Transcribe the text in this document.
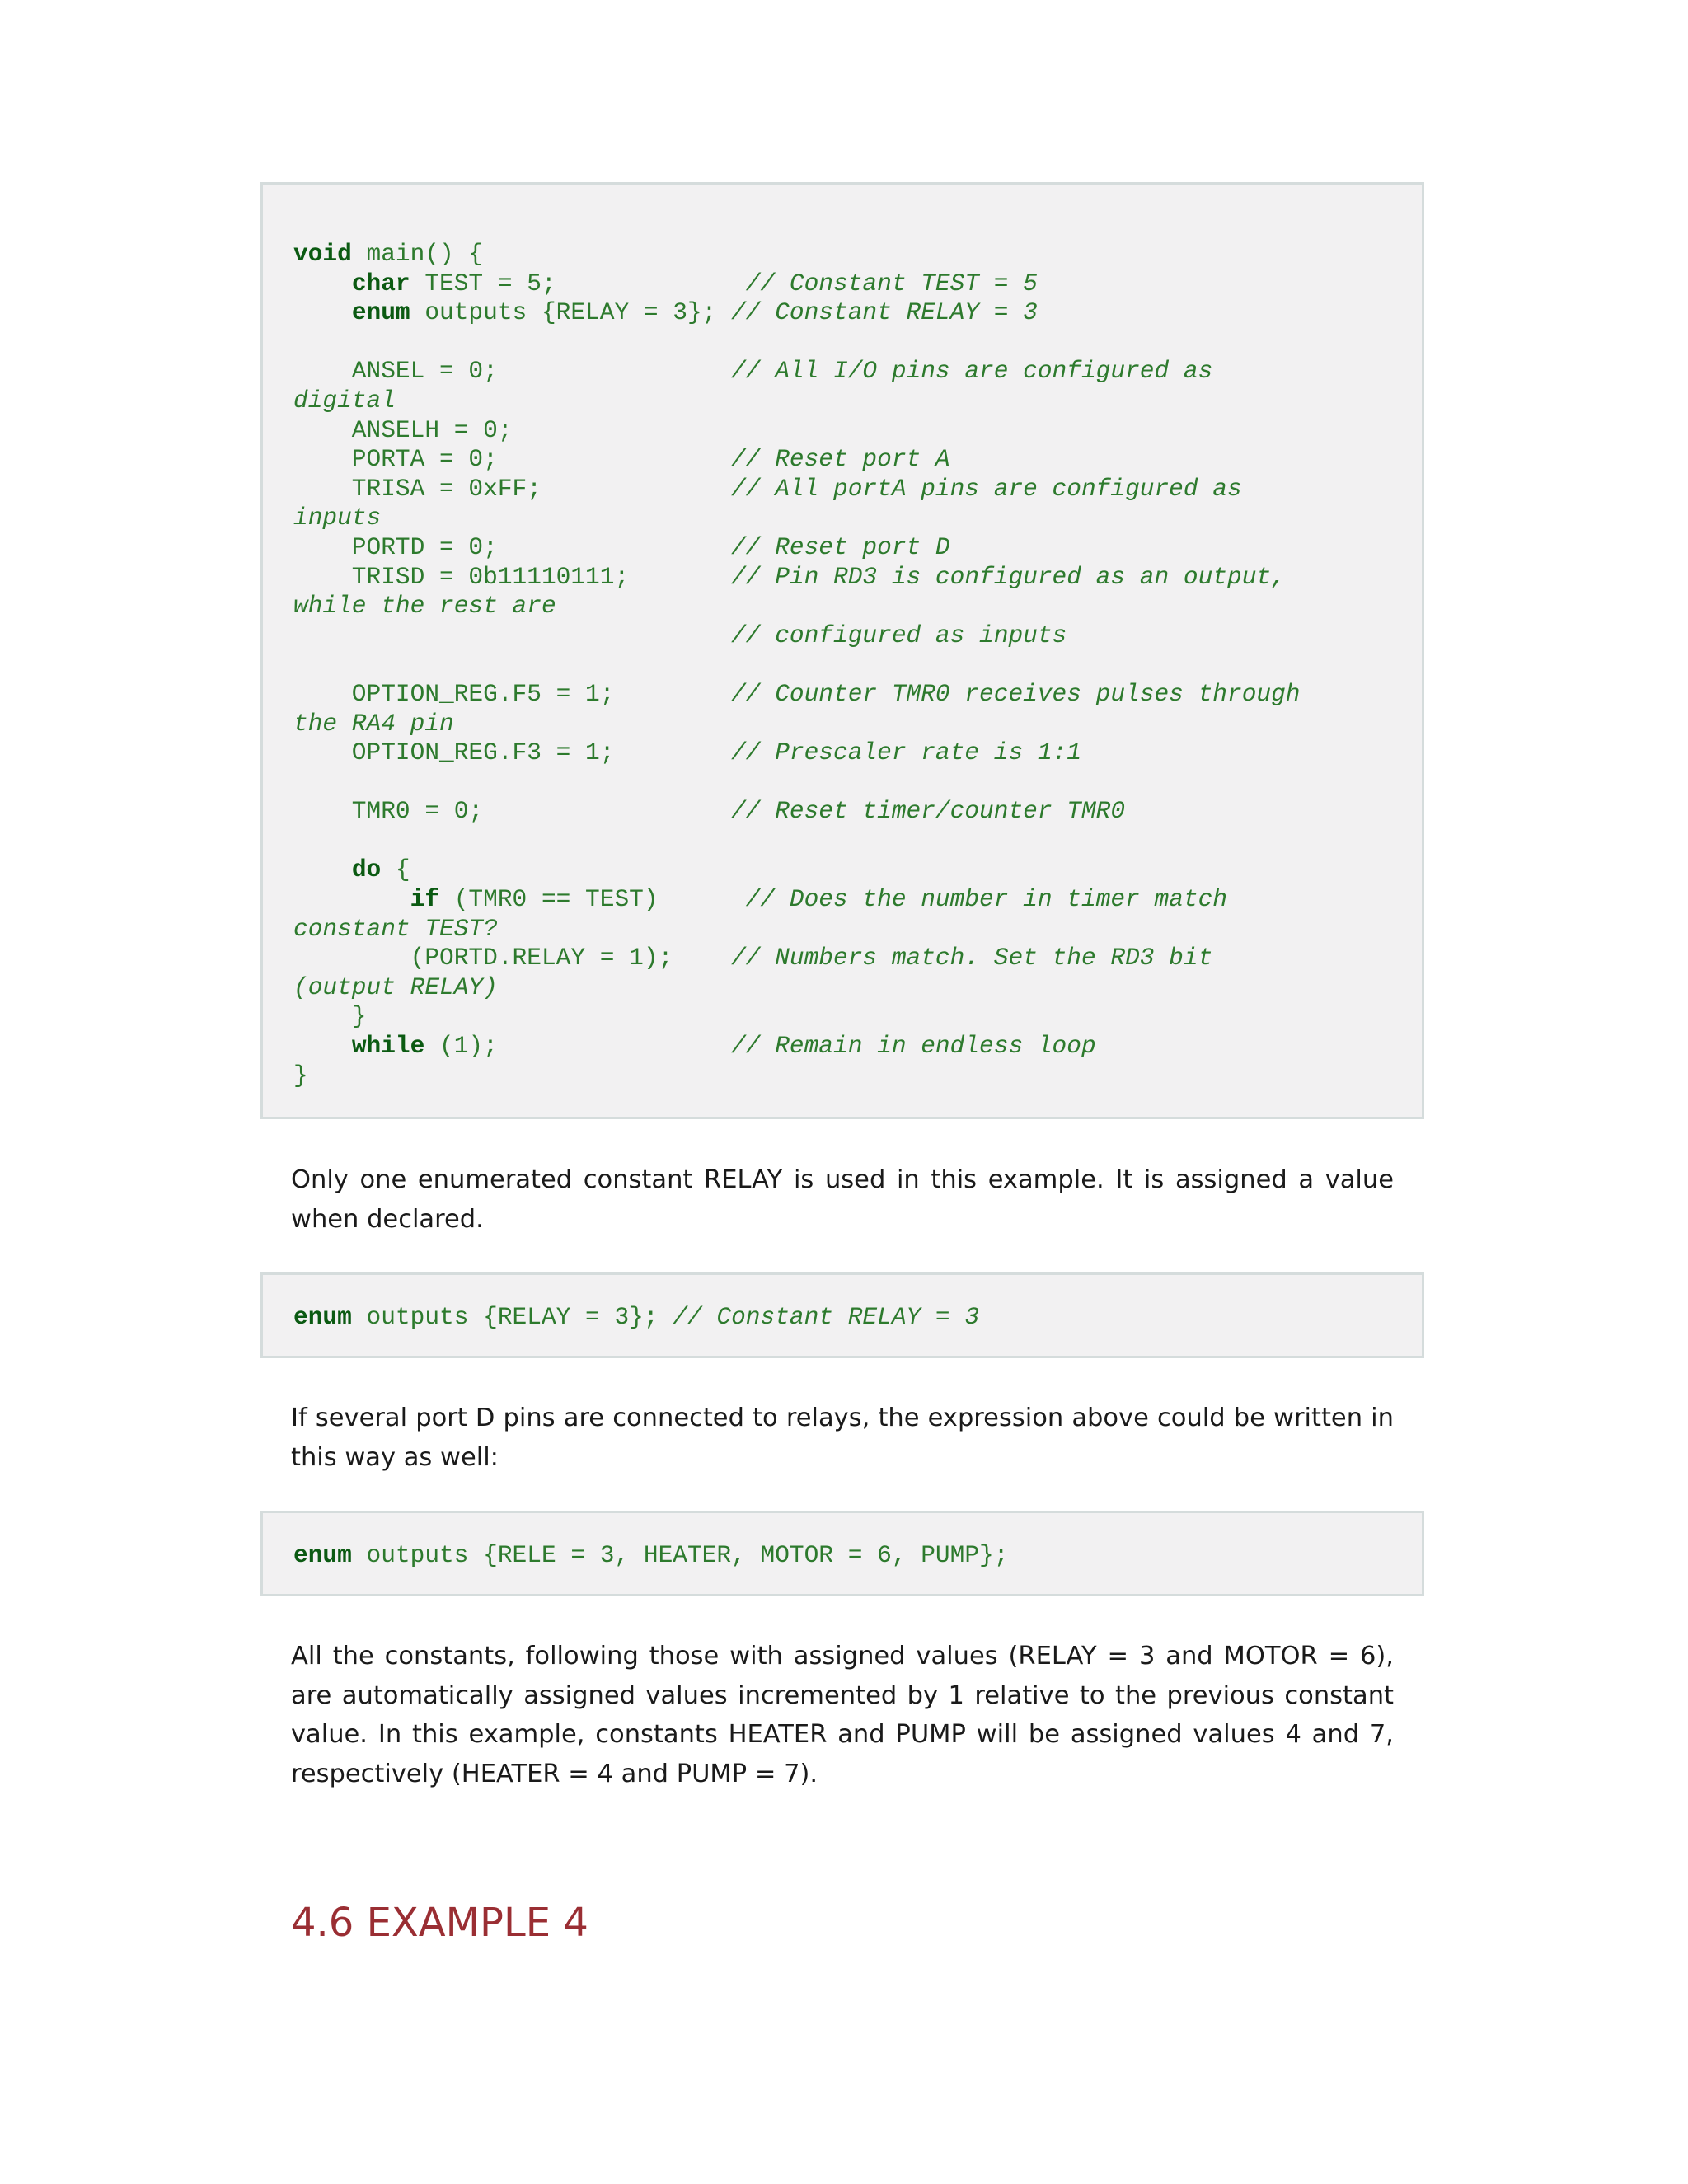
void main() {
char TEST = 5;             // Constant TEST = 5
enum outputs {RELAY = 3}; // Constant RELAY = 3

ANSEL = 0;                // All I/O pins are configured as
digital
ANSELH = 0;
PORTA = 0;                // Reset port A
TRISA = 0xFF;             // All portA pins are configured as
inputs
PORTD = 0;                // Reset port D
TRISD = 0b11110111;       // Pin RD3 is configured as an output,
while the rest are
// configured as inputs

OPTION_REG.F5 = 1;        // Counter TMR0 receives pulses through
the RA4 pin
OPTION_REG.F3 = 1;        // Prescaler rate is 1:1

TMR0 = 0;                 // Reset timer/counter TMR0

do {
if (TMR0 == TEST)      // Does the number in timer match
constant TEST?
(PORTD.RELAY = 1);    // Numbers match. Set the RD3 bit
(output RELAY)
}
while (1);                // Remain in endless loop
}

Only one enumerated constant RELAY is used in this example. It is assigned a value when declared.

enum outputs {RELAY = 3}; // Constant RELAY = 3

If several port D pins are connected to relays, the expression above could be written in this way as well:

enum outputs {RELE = 3, HEATER, MOTOR = 6, PUMP};

All the constants, following those with assigned values (RELAY = 3 and MOTOR = 6), are automatically assigned values incremented by 1 relative to the previous constant value. In this example, constants HEATER and PUMP will be assigned values 4 and 7, respectively (HEATER = 4 and PUMP = 7).

4.6 EXAMPLE 4
